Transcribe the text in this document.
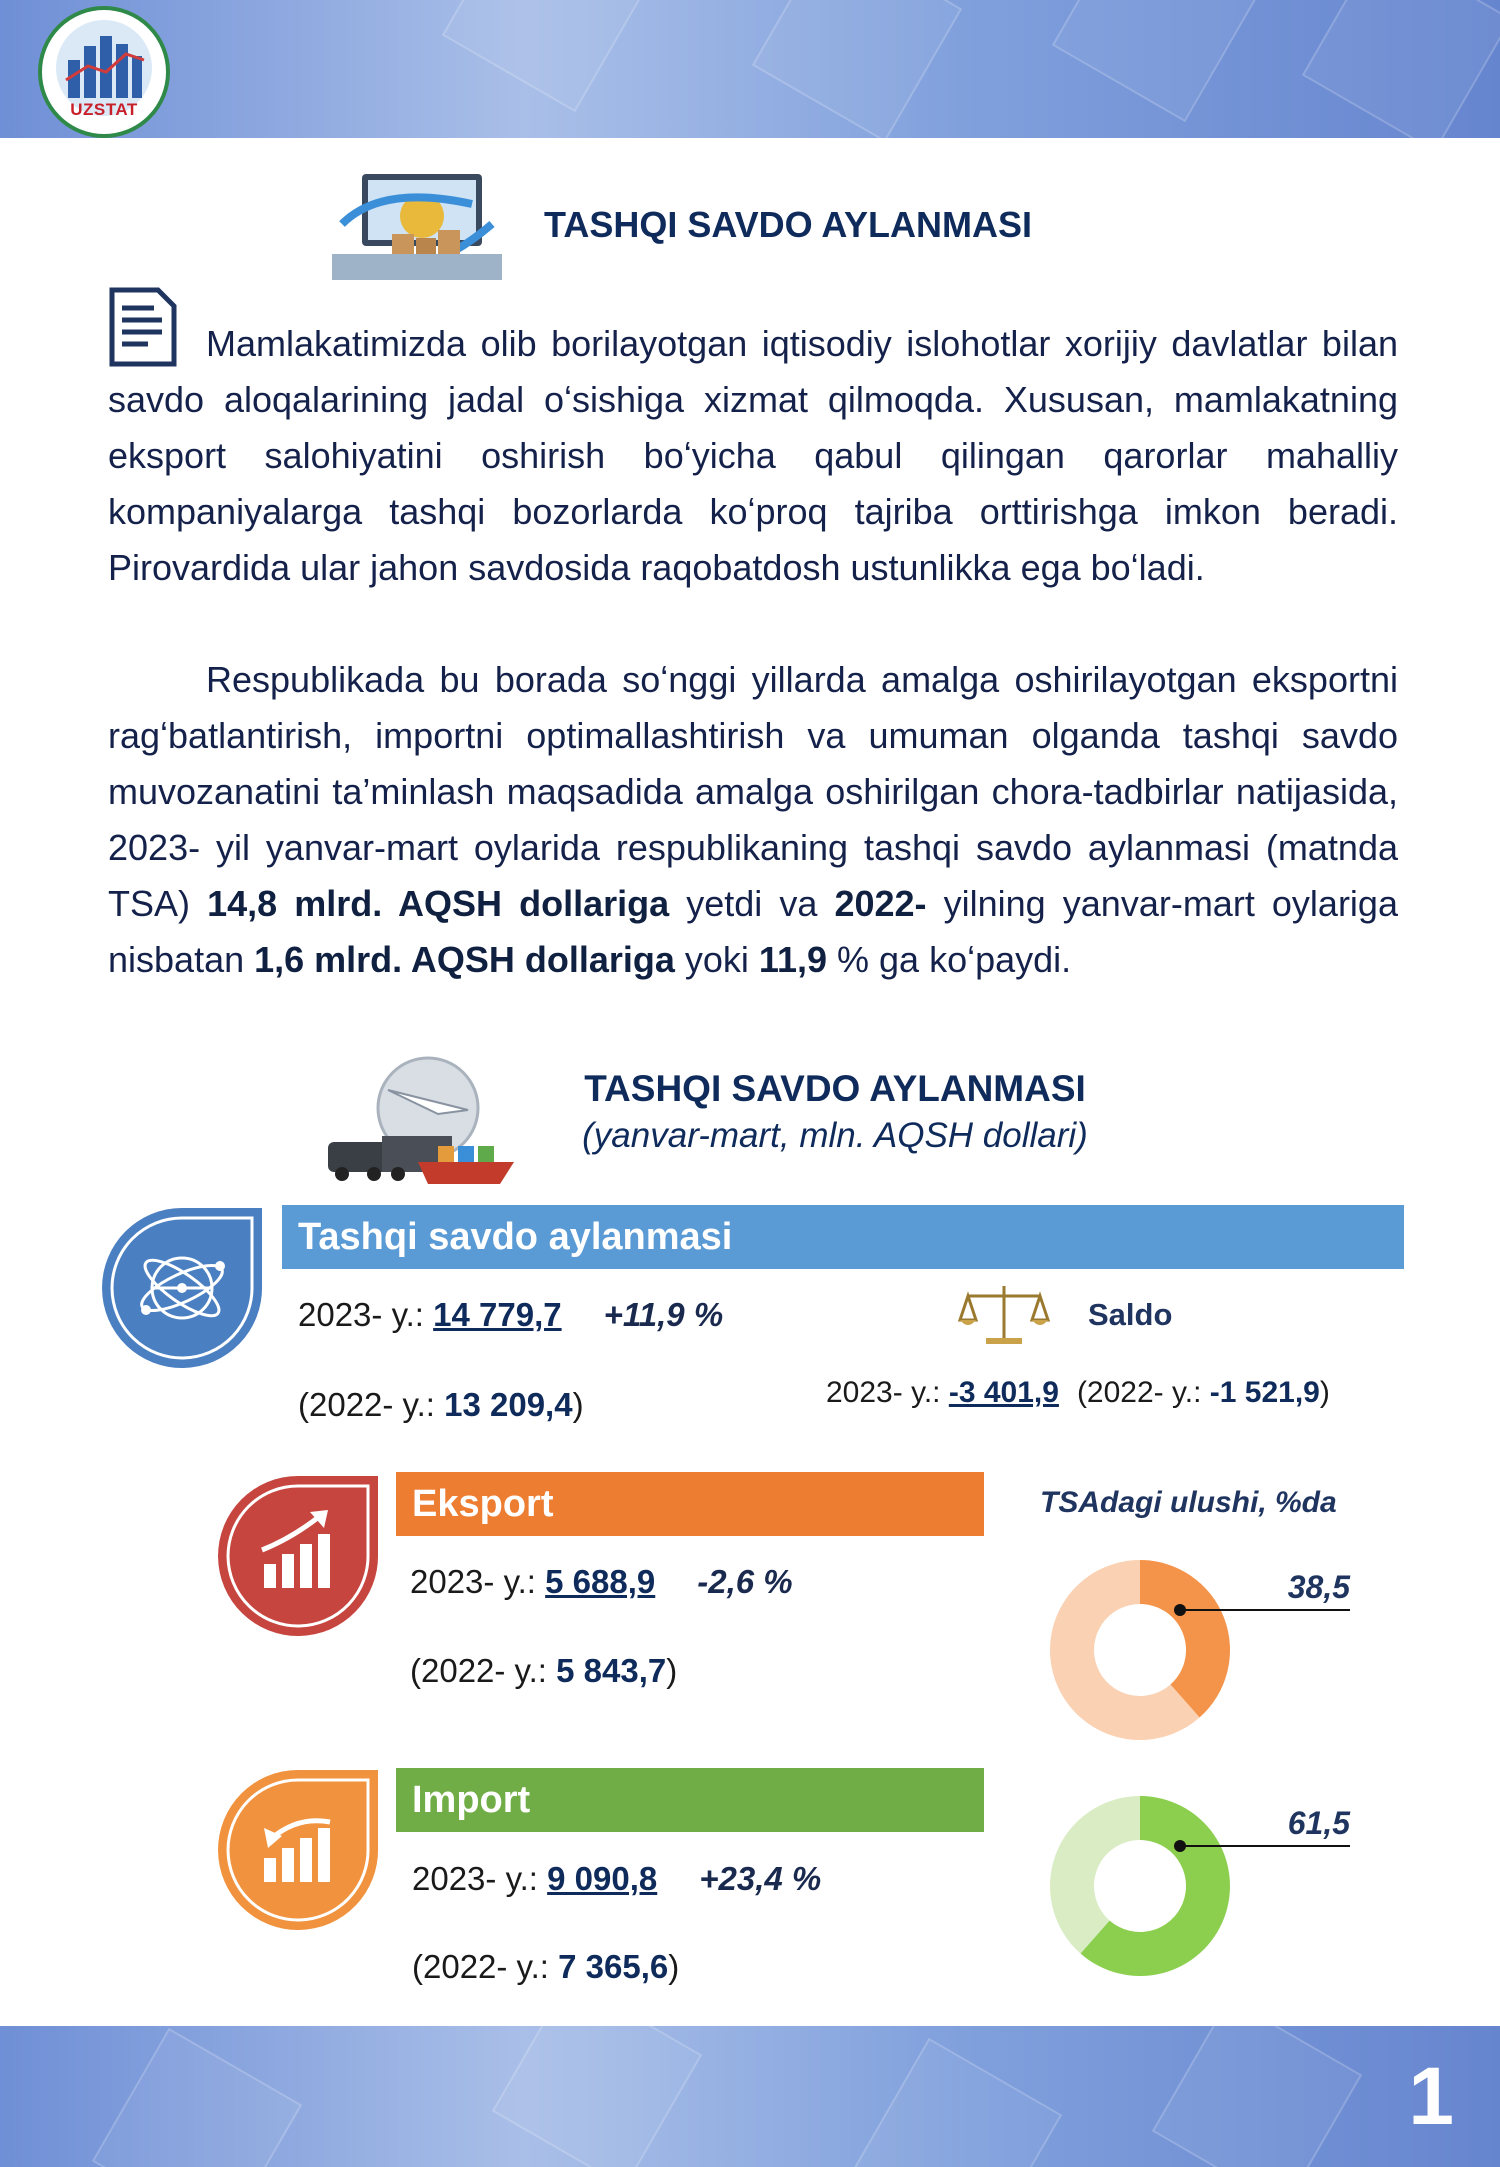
UZSTAT
TASHQI SAVDO AYLANMASI
Mamlakatimizda olib borilayotgan iqtisodiy islohotlar xorijiy davlatlar bilan savdo aloqalarining jadal oʻsishiga xizmat qilmoqda. Xususan, mamlakatning eksport salohiyatini oshirish boʻyicha qabul qilingan qarorlar mahalliy kompaniyalarga tashqi bozorlarda koʻproq tajriba orttirishga imkon beradi. Pirovardida ular jahon savdosida raqobatdosh ustunlikka ega boʻladi.
Respublikada bu borada soʻnggi yillarda amalga oshirilayotgan eksportni ragʻbatlantirish, importni optimallashtirish va umuman olganda tashqi savdo muvozanatini ta’minlash maqsadida amalga oshirilgan chora-tadbirlar natijasida, 2023- yil yanvar-mart oylarida respublikaning tashqi savdo aylanmasi (matnda TSA) 14,8 mlrd. AQSH dollariga yetdi va 2022- yilning yanvar-mart oylariga nisbatan 1,6 mlrd. AQSH dollariga yoki 11,9 % ga koʻpaydi.
TASHQI SAVDO AYLANMASI
(yanvar-mart, mln. AQSH dollari)
Tashqi savdo aylanmasi
2023- y.: 14 779,7 +11,9 %
(2022- y.: 13 209,4)
Saldo
2023- y.: -3 401,9 (2022- y.: -1 521,9)
Eksport
2023- y.: 5 688,9 -2,6 %
(2022- y.: 5 843,7)
Import
2023- y.: 9 090,8 +23,4 %
(2022- y.: 7 365,6)
TSAdagi ulushi, %da
38,5
61,5
1
